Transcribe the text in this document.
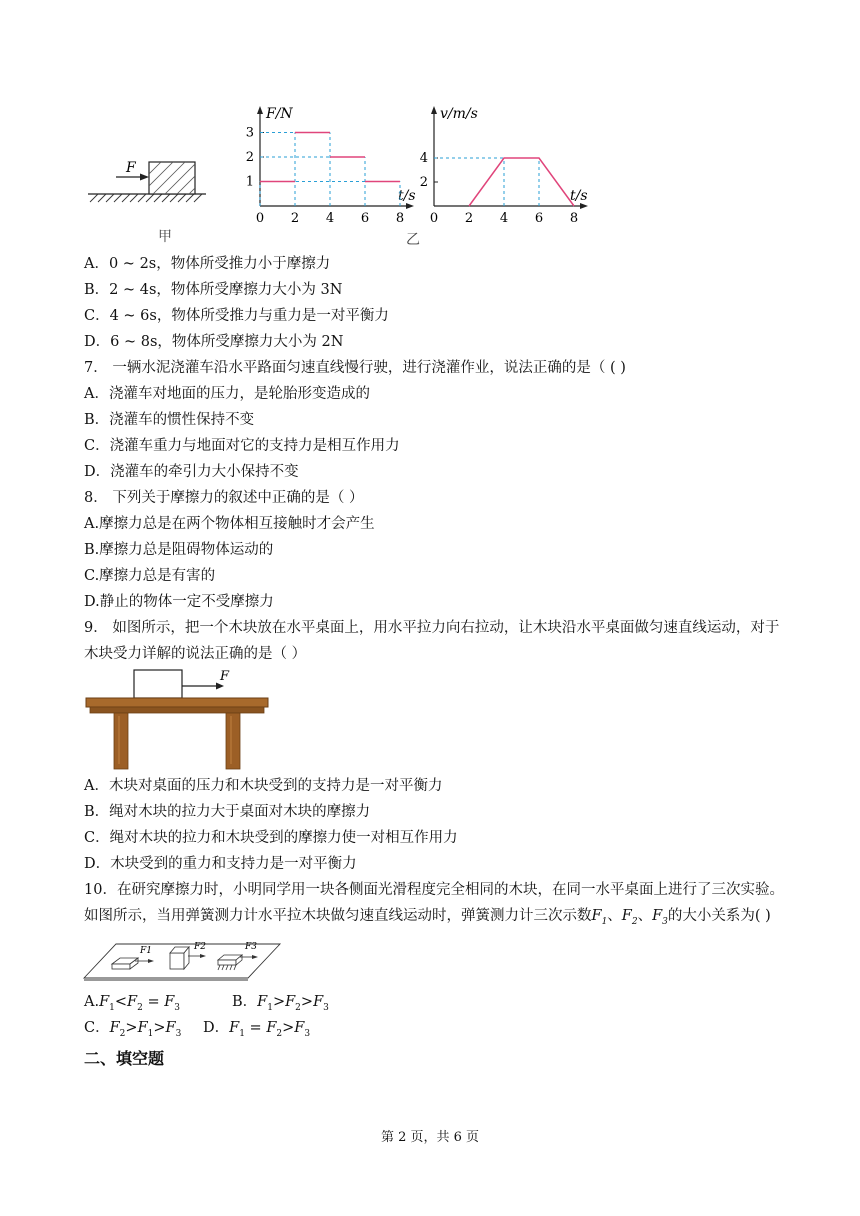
F
F/N
t/s
0 2 4 6 8
1
2
3
v/m/s
t/s
0 2 4 6 8
2
4
甲	乙
A．0 ~ 2s，物体所受推力小于摩擦力
B．2 ~ 4s，物体所受摩擦力大小为 3N
C．4 ~ 6s，物体所受推力与重力是一对平衡力
D．6 ~ 8s，物体所受摩擦力大小为 2N
7． 一辆水泥浇灌车沿水平路面匀速直线慢行驶，进行浇灌作业，说法正确的是（ ( )
A．浇灌车对地面的压力，是轮胎形变造成的
B．浇灌车的惯性保持不变
C．浇灌车重力与地面对它的支持力是相互作用力
D．浇灌车的牵引力大小保持不变
8． 下列关于摩擦力的叙述中正确的是（ ）
A.摩擦力总是在两个物体相互接触时才会产生
B.摩擦力总是阻碍物体运动的
C.摩擦力总是有害的
D.静止的物体一定不受摩擦力
9． 如图所示，把一个木块放在水平桌面上，用水平拉力向右拉动，让木块沿水平桌面做匀速直线运动，对于
木块受力详解的说法正确的是（ ）
F
A．木块对桌面的压力和木块受到的支持力是一对平衡力
B．绳对木块的拉力大于桌面对木块的摩擦力
C．绳对木块的拉力和木块受到的摩擦力使一对相互作用力
D．木块受到的重力和支持力是一对平衡力
10．在研究摩擦力时，小明同学用一块各侧面光滑程度完全相同的木块，在同一水平桌面上进行了三次实验。
如图所示，当用弹簧测力计水平拉木块做匀速直线运动时，弹簧测力计三次示数$F_1$、$F_2$、$F_3$的大小关系为( )
F1	F2	F3
$A.F_1<F_2 = F_3$	B．$F_1>F_2>F_3$
C．$F_2>F_1>F_3$ D．$F_1 = F_2>F_3$
二、填空题
第 2 页，共 6 页
